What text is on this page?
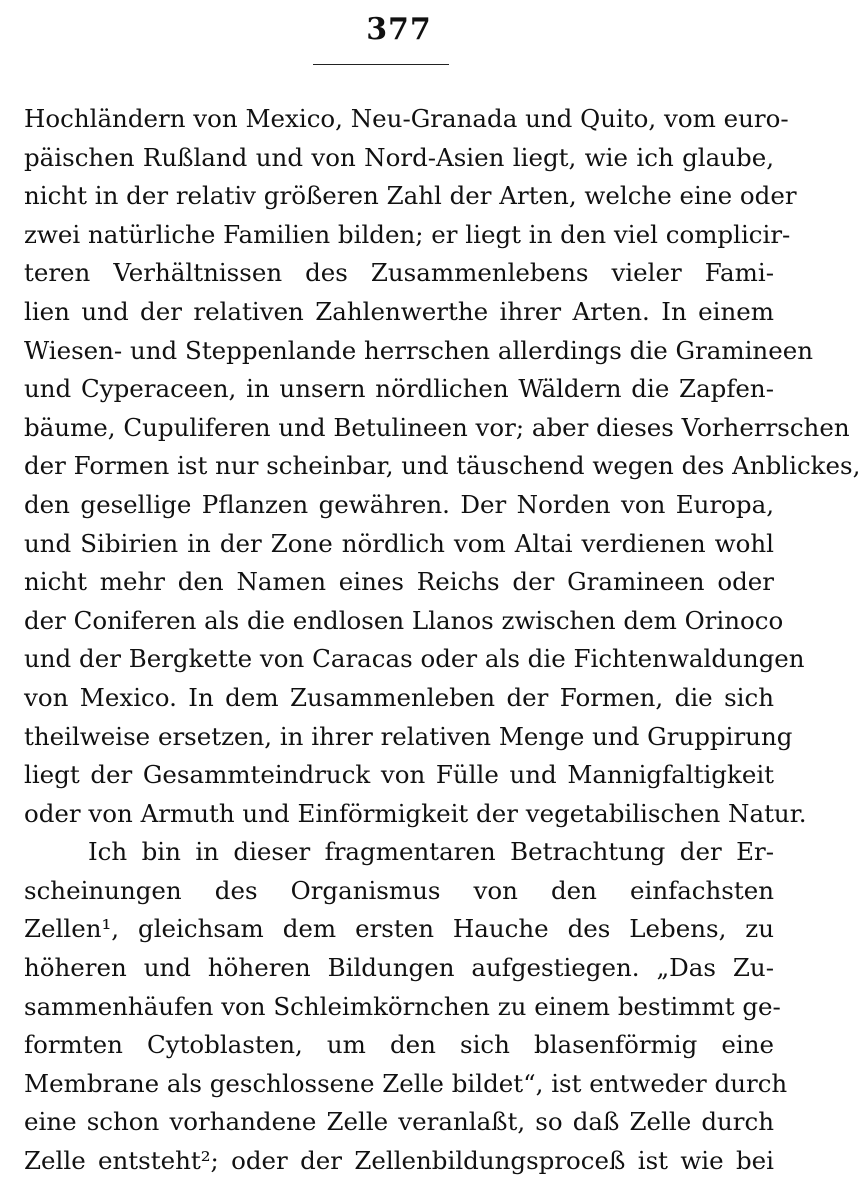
377
Hochländern von Mexico, Neu-Granada und Quito, vom euro-
päischen Rußland und von Nord-Asien liegt, wie ich glaube,
nicht in der relativ größeren Zahl der Arten, welche eine oder
zwei natürliche Familien bilden; er liegt in den viel complicir-
teren Verhältnissen des Zusammenlebens vieler Fami-
lien und der relativen Zahlenwerthe ihrer Arten. In einem
Wiesen- und Steppenlande herrschen allerdings die Gramineen
und Cyperaceen, in unsern nördlichen Wäldern die Zapfen-
bäume, Cupuliferen und Betulineen vor; aber dieses Vorherrschen
der Formen ist nur scheinbar, und täuschend wegen des Anblickes,
den gesellige Pflanzen gewähren. Der Norden von Europa,
und Sibirien in der Zone nördlich vom Altai verdienen wohl
nicht mehr den Namen eines Reichs der Gramineen oder
der Coniferen als die endlosen Llanos zwischen dem Orinoco
und der Bergkette von Caracas oder als die Fichtenwaldungen
von Mexico. In dem Zusammenleben der Formen, die sich
theilweise ersetzen, in ihrer relativen Menge und Gruppirung
liegt der Gesammteindruck von Fülle und Mannigfaltigkeit
oder von Armuth und Einförmigkeit der vegetabilischen Natur.
Ich bin in dieser fragmentaren Betrachtung der Er-
scheinungen des Organismus von den einfachsten
Zellen¹, gleichsam dem ersten Hauche des Lebens, zu
höheren und höheren Bildungen aufgestiegen. „Das Zu-
sammenhäufen von Schleimkörnchen zu einem bestimmt ge-
formten Cytoblasten, um den sich blasenförmig eine
Membrane als geschlossene Zelle bildet“, ist entweder durch
eine schon vorhandene Zelle veranlaßt, so daß Zelle durch
Zelle entsteht²; oder der Zellenbildungsproceß ist wie bei
